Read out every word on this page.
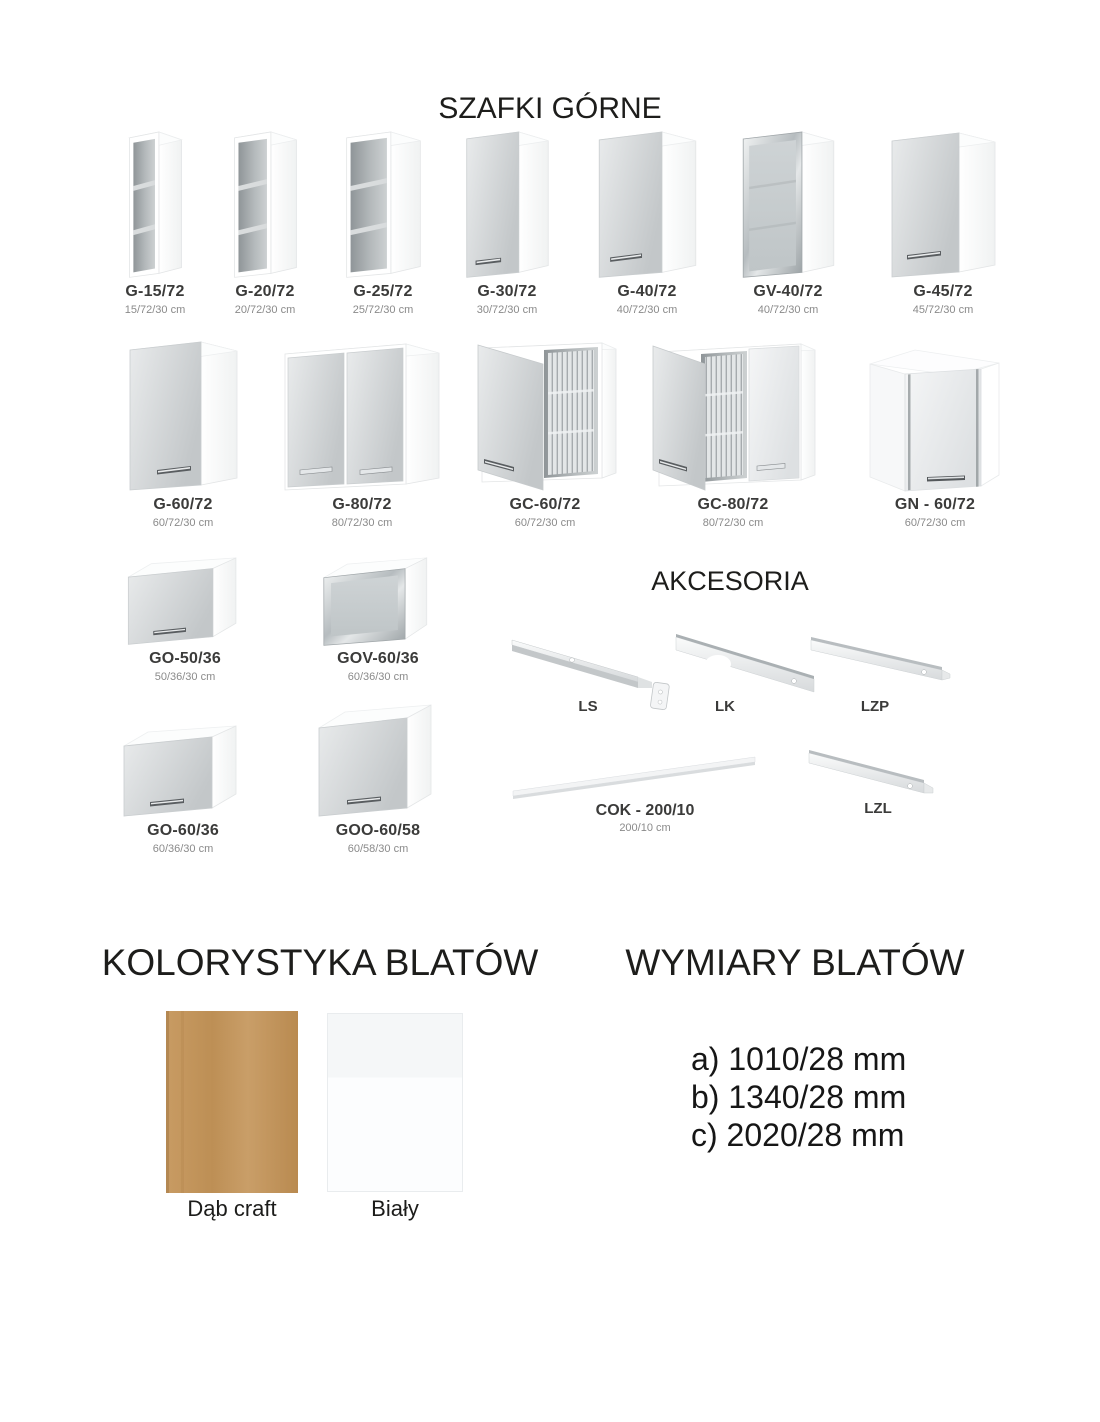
SZAFKI GÓRNE
G-15/72
15/72/30 cm
G-20/72
20/72/30 cm
G-25/72
25/72/30 cm
G-30/72
30/72/30 cm
G-40/72
40/72/30 cm
GV-40/72
40/72/30 cm
G-45/72
45/72/30 cm
G-60/72
60/72/30 cm
G-80/72
80/72/30 cm
GC-60/72
60/72/30 cm
GC-80/72
80/72/30 cm
GN - 60/72
60/72/30 cm
GO-50/36
50/36/30 cm
GOV-60/36
60/36/30 cm
GO-60/36
60/36/30 cm
GOO-60/58
60/58/30 cm
AKCESORIA
LS	LK	LZP
COK - 200/10
200/10 cm
LZL
KOLORYSTYKA BLATÓW
Dąb craft	Biały
WYMIARY BLATÓW
a) 1010/28 mm
b) 1340/28 mm
c) 2020/28 mm
